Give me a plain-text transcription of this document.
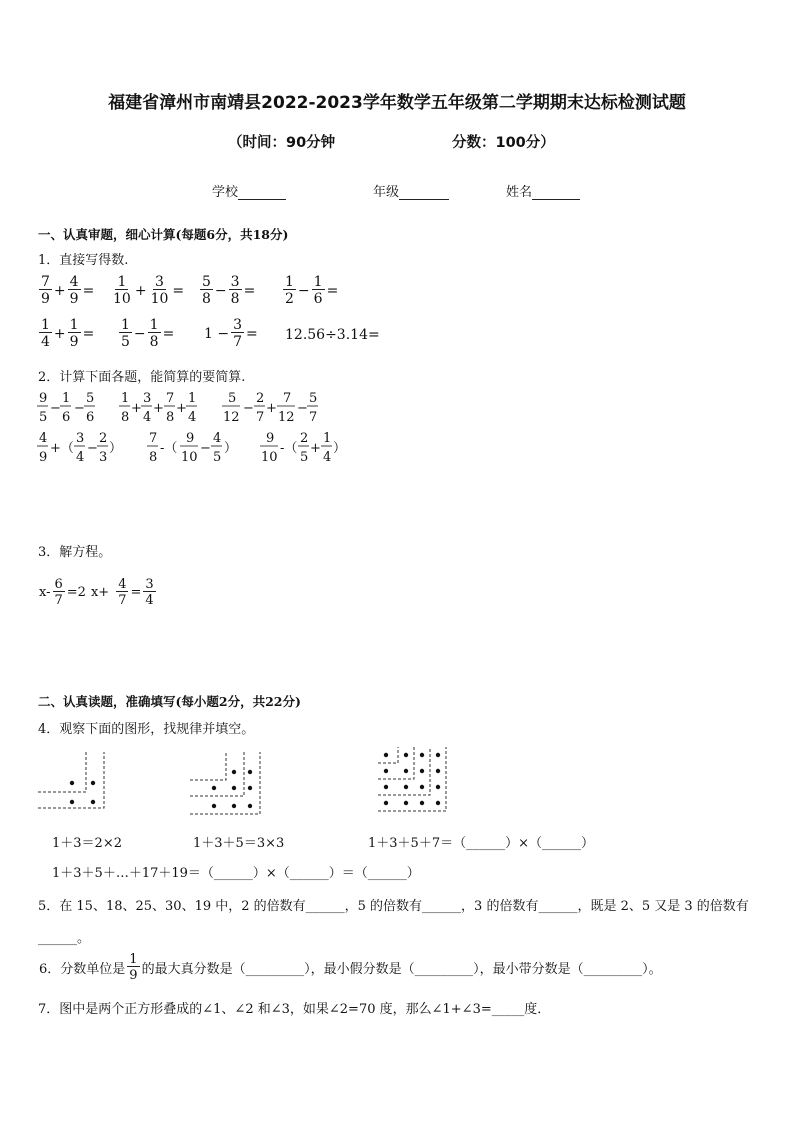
福建省漳州市南靖县2022-2023学年数学五年级第二学期期末达标检测试题
（时间：90分钟	分数：100分）
学校	年级	姓名
一、认真审题，细心计算(每题6分，共18分)
1．直接写得数.
$\frac{7}{9} + \frac{4}{9} = \frac{1}{10} + \frac{3}{10} = \frac{5}{8} - \frac{3}{8} = \frac{1}{2} - \frac{1}{6}$ =
$\frac{1}{4} + \frac{1}{9} = \frac{1}{5} - \frac{1}{8} = 1 - \frac{3}{7} = 12.56\div 3.14=$
2．计算下面各题，能简算的要简算.
9
5
−
1
6
−
5
6
1
8
+
3
4
+
7
8
+
1
4
5
12
−
2
7
+
7
12
−
5
7
4
9
+（
3
4
−
2
3
）
7
8
-（
9
10
−
4
5
）
9
10
-（
2
5
+
1
4
）
3．解方程。
$x- \frac{6}{7} =2$ $x+ \frac{4}{7} = \frac{3}{4}$
二、认真读题，准确填写(每小题2分，共22分)
4．观察下面的图形，找规律并填空。
1＋3＝2×2	1＋3＋5＝3×3	1＋3＋5＋7＝（______）×（______）
1＋3＋5＋…＋17＋19＝（______）×（______）＝（______）
5．在 15、18、25、30、19 中，2 的倍数有______，5 的倍数有______，3 的倍数有______，既是 2、5 又是 3 的倍数有
______。
6．分数单位是 $\frac{1}{9}$ 的最大真分数是（_________），最小假分数是（_________），最小带分数是（_________）。
7．图中是两个正方形叠成的∠1、∠2 和∠3，如果∠2=70 度，那么∠1+∠3=_____度．
